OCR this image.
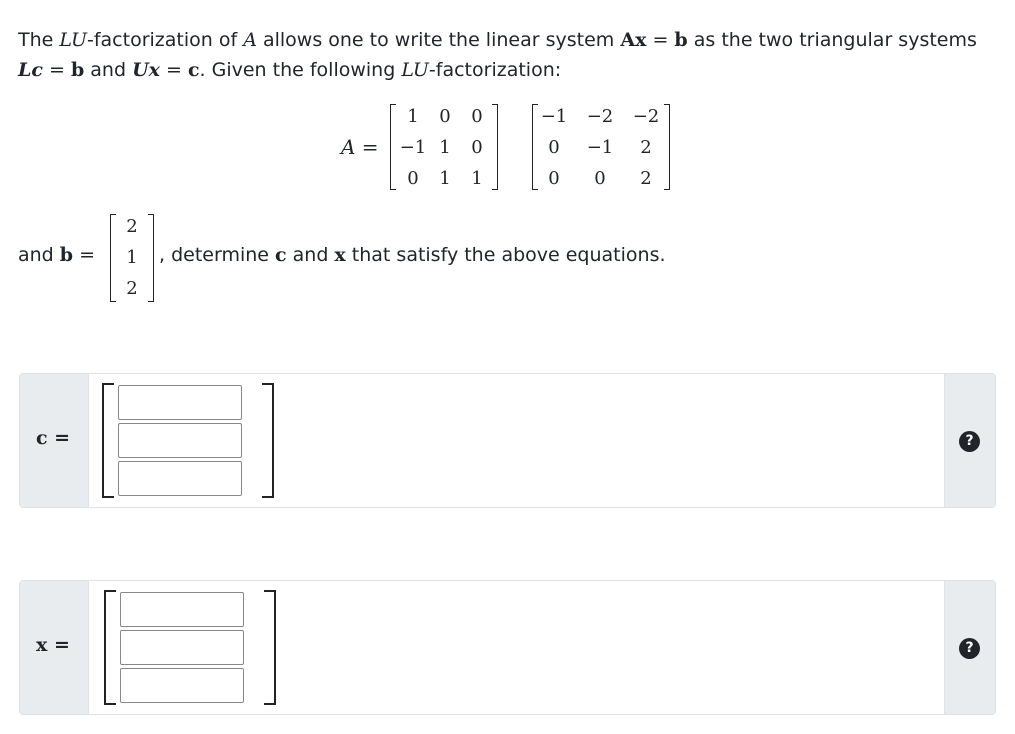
The LU-factorization of A allows one to write the linear system Ax = b as the two triangular systems
Lc = b and Ux = c. Given the following LU-factorization:
A =
1	0	0
−1 1	0
0	1	1
−1	−2	−2
0	−1	2
0	0	2
and b =
2
1
2
, determine c and x that satisfy the above equations.
c =	?
x =	?
